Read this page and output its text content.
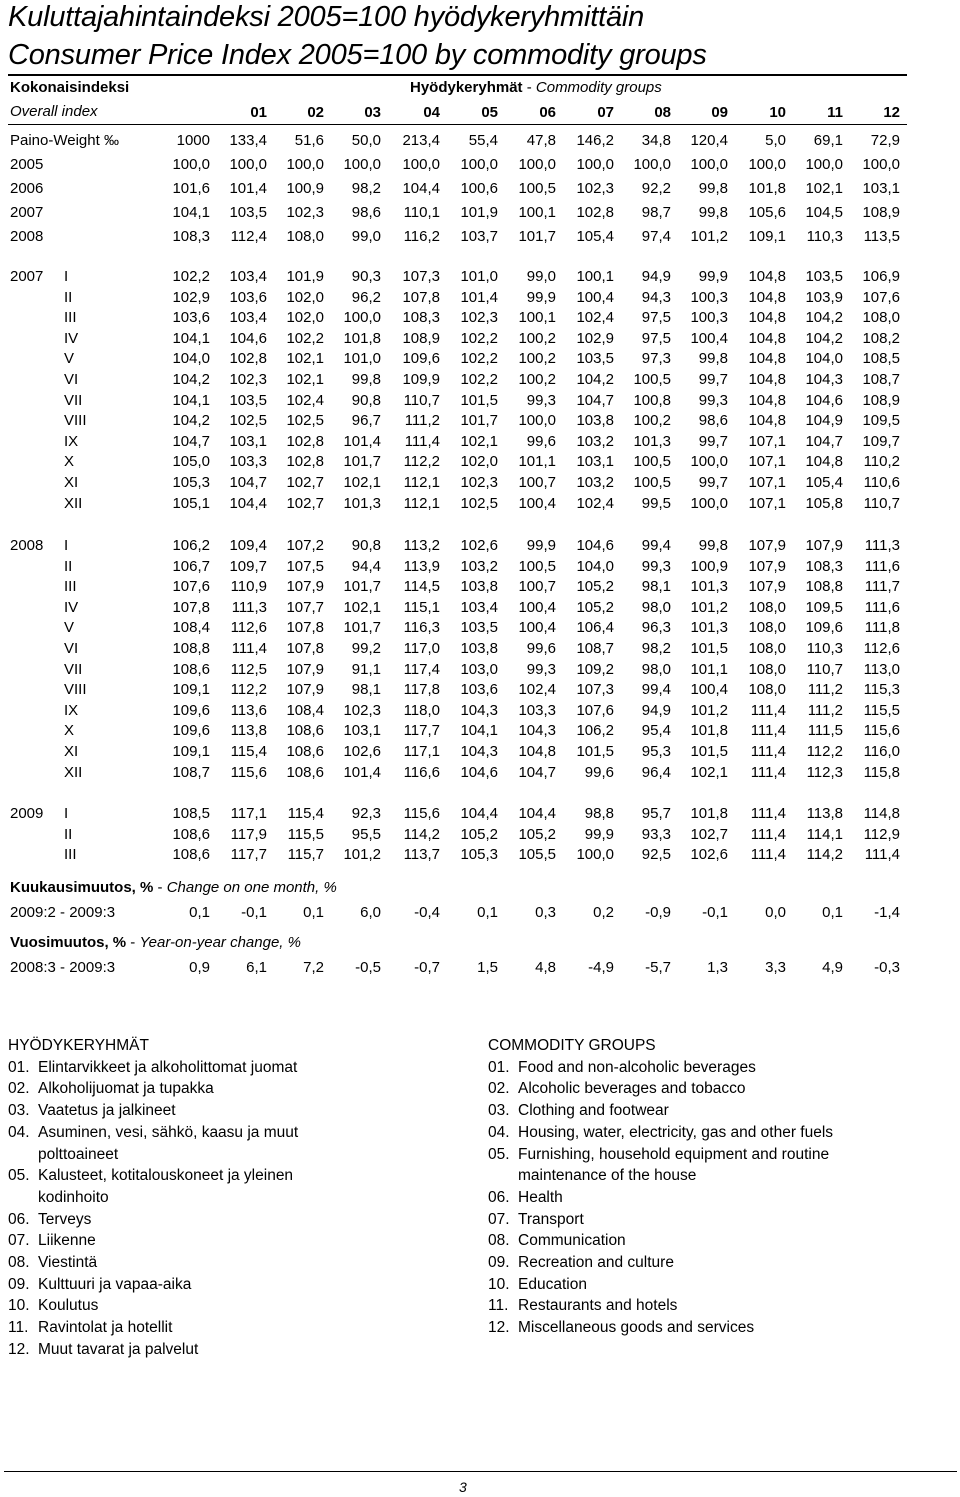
Kuluttajahintaindeksi 2005=100 hyödykeryhmittäin
Consumer Price Index 2005=100 by commodity groups
Kokonaisindeksi
Overall index
Hyödykeryhmät - Commodity groups
01	02	03	04	05	06	07	08	09	10	11	12
Paino-Weight ‰	1000 133,4 51,6 50,0 213,4 55,4 47,8 146,2 34,8 120,4 5,0 69,1 72,9
2005	100,0 100,0 100,0 100,0 100,0 100,0 100,0 100,0 100,0 100,0 100,0 100,0 100,0
2006	101,6 101,4 100,9 98,2 104,4 100,6 100,5 102,3 92,2 99,8 101,8 102,1 103,1
2007	104,1 103,5 102,3 98,6 110,1 101,9 100,1 102,8 98,7 99,8 105,6 104,5 108,9
2008	108,3 112,4 108,0 99,0 116,2 103,7 101,7 105,4 97,4 101,2 109,1 110,3 113,5
2007 I	102,2 103,4 101,9 90,3 107,3 101,0 99,0 100,1 94,9 99,9 104,8 103,5 106,9
II	102,9 103,6 102,0 96,2 107,8 101,4 99,9 100,4 94,3 100,3 104,8 103,9 107,6
III	103,6 103,4 102,0 100,0 108,3 102,3 100,1 102,4 97,5 100,3 104,8 104,2 108,0
IV	104,1 104,6 102,2 101,8 108,9 102,2 100,2 102,9 97,5 100,4 104,8 104,2 108,2
V	104,0 102,8 102,1 101,0 109,6 102,2 100,2 103,5 97,3 99,8 104,8 104,0 108,5
VI	104,2 102,3 102,1 99,8 109,9 102,2 100,2 104,2 100,5 99,7 104,8 104,3 108,7
VII	104,1 103,5 102,4 90,8 110,7 101,5 99,3 104,7 100,8 99,3 104,8 104,6 108,9
VIII	104,2 102,5 102,5 96,7 111,2 101,7 100,0 103,8 100,2 98,6 104,8 104,9 109,5
IX	104,7 103,1 102,8 101,4 111,4 102,1 99,6 103,2 101,3 99,7 107,1 104,7 109,7
X	105,0 103,3 102,8 101,7 112,2 102,0 101,1 103,1 100,5 100,0 107,1 104,8 110,2
XI	105,3 104,7 102,7 102,1 112,1 102,3 100,7 103,2 100,5 99,7 107,1 105,4 110,6
XII	105,1 104,4 102,7 101,3 112,1 102,5 100,4 102,4 99,5 100,0 107,1 105,8 110,7
2008 I	106,2 109,4 107,2 90,8 113,2 102,6 99,9 104,6 99,4 99,8 107,9 107,9 111,3
II	106,7 109,7 107,5 94,4 113,9 103,2 100,5 104,0 99,3 100,9 107,9 108,3 111,6
III	107,6 110,9 107,9 101,7 114,5 103,8 100,7 105,2 98,1 101,3 107,9 108,8 111,7
IV	107,8 111,3 107,7 102,1 115,1 103,4 100,4 105,2 98,0 101,2 108,0 109,5 111,6
V	108,4 112,6 107,8 101,7 116,3 103,5 100,4 106,4 96,3 101,3 108,0 109,6 111,8
VI	108,8 111,4 107,8 99,2 117,0 103,8 99,6 108,7 98,2 101,5 108,0 110,3 112,6
VII	108,6 112,5 107,9 91,1 117,4 103,0 99,3 109,2 98,0 101,1 108,0 110,7 113,0
VIII	109,1 112,2 107,9 98,1 117,8 103,6 102,4 107,3 99,4 100,4 108,0 111,2 115,3
IX	109,6 113,6 108,4 102,3 118,0 104,3 103,3 107,6 94,9 101,2 111,4 111,2 115,5
X	109,6 113,8 108,6 103,1 117,7 104,1 104,3 106,2 95,4 101,8 111,4 111,5 115,6
XI	109,1 115,4 108,6 102,6 117,1 104,3 104,8 101,5 95,3 101,5 111,4 112,2 116,0
XII	108,7 115,6 108,6 101,4 116,6 104,6 104,7 99,6 96,4 102,1 111,4 112,3 115,8
2009 I	108,5 117,1 115,4 92,3 115,6 104,4 104,4 98,8 95,7 101,8 111,4 113,8 114,8
II	108,6 117,9 115,5 95,5 114,2 105,2 105,2 99,9 93,3 102,7 111,4 114,1 112,9
III	108,6 117,7 115,7 101,2 113,7 105,3 105,5 100,0 92,5 102,6 111,4 114,2 111,4
Kuukausimuutos, % - Change on one month, %
2009:2 - 2009:3	0,1 -0,1 0,1 6,0 -0,4 0,1 0,3 0,2 -0,9 -0,1 0,0 0,1 -1,4
Vuosimuutos, % - Year-on-year change, %
2008:3 - 2009:3	0,9 6,1 7,2 -0,5 -0,7 1,5 4,8 -4,9 -5,7 1,3 3,3 4,9 -0,3
HYÖDYKERYHMÄT
01. Elintarvikkeet ja alkoholittomat juomat
02. Alkoholijuomat ja tupakka
03. Vaatetus ja jalkineet
04. Asuminen, vesi, sähkö, kaasu ja muut polttoaineet
05. Kalusteet, kotitalouskoneet ja yleinen kodinhoito
06. Terveys
07. Liikenne
08. Viestintä
09. Kulttuuri ja vapaa-aika
10. Koulutus
11. Ravintolat ja hotellit
12. Muut tavarat ja palvelut
COMMODITY GROUPS
01. Food and non-alcoholic beverages
02. Alcoholic beverages and tobacco
03. Clothing and footwear
04. Housing, water, electricity, gas and other fuels
05. Furnishing, household equipment and routine maintenance of the house
06. Health
07. Transport
08. Communication
09. Recreation and culture
10. Education
11. Restaurants and hotels
12. Miscellaneous goods and services
3
